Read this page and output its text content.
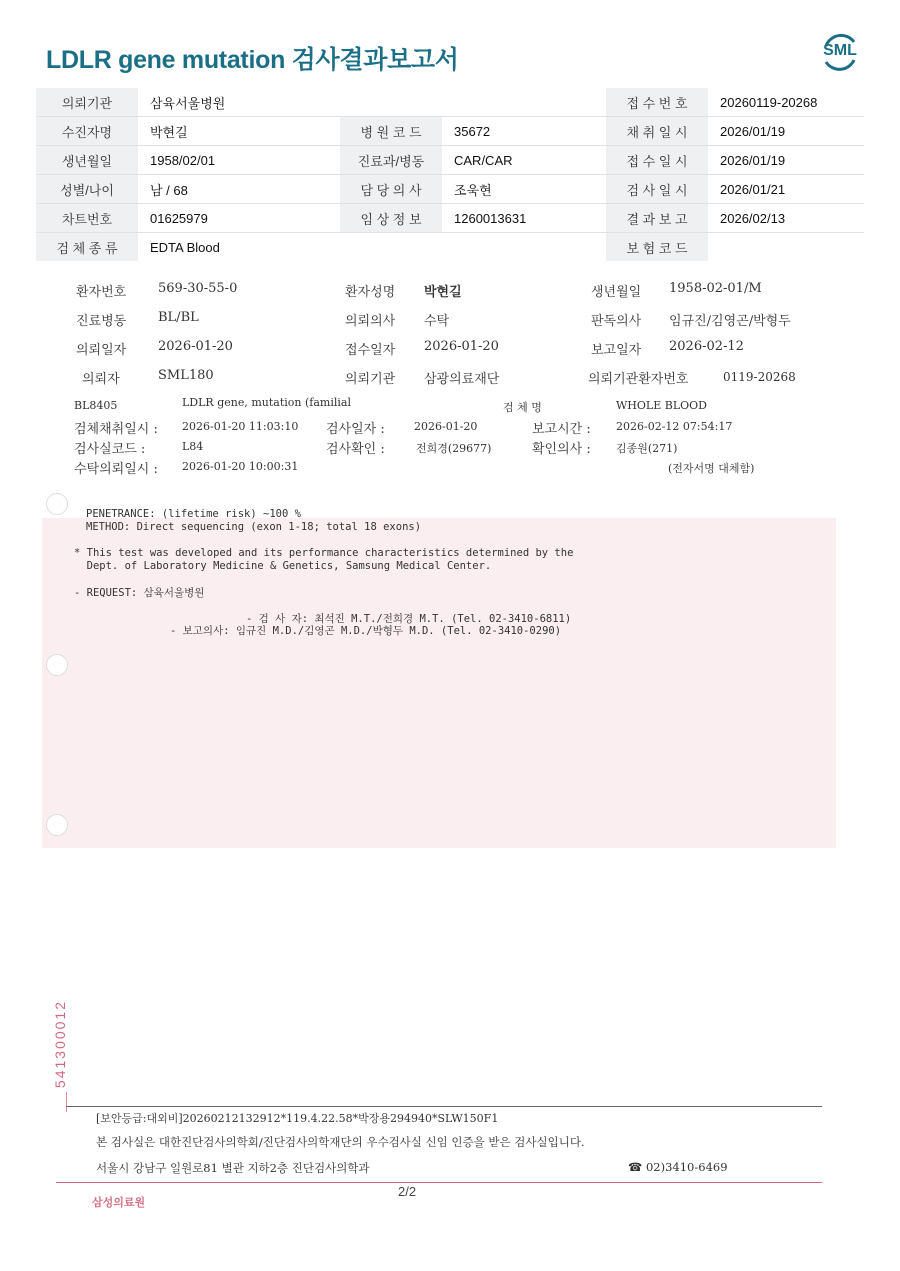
LDLR gene mutation 검사결과보고서	SML
의뢰기관	삼육서울병원			접 수 번 호	20260119-20268
수진자명	박현길	병 원 코 드	35672	채 취 일 시	2026/01/19
생년월일	1958/02/01	진료과/병동	CAR/CAR	접 수 일 시	2026/01/19
성별/나이	남 / 68	담 당 의 사	조욱현	검 사 일 시	2026/01/21
차트번호	01625979	임 상 정 보	1260013631	결 과 보 고	2026/02/13
검 체 종 류	EDTA Blood			보 험 코 드	
환자번호 569-30-55-0	환자성명 박현길	생년월일 1958-02-01/M
진료병동 BL/BL	의뢰의사 수탁	판독의사 임규진/김영곤/박형두
의뢰일자 2026-01-20	접수일자 2026-01-20	보고일자 2026-02-12
의뢰자	SML180	의뢰기관 삼광의료재단	의뢰기관환자번호	0119-20268
BL8405	LDLR gene, mutation (familial	검 체 명	WHOLE BLOOD
검체채취일시 : 2026-01-20 11:03:10 검사일자 :	2026-01-20	보고시간 : 2026-02-12 07:54:17
검사실코드 :	L84	검사확인 :	전희경(29677)	확인의사 : 김종원(271)
수탁의뢰일시 : 2026-01-20 10:00:31	(전자서명 대체함)
PENETRANCE: (lifetime risk) ~100 %
METHOD: Direct sequencing (exon 1-18; total 18 exons)
* This test was developed and its performance characteristics determined by the
Dept. of Laboratory Medicine & Genetics, Samsung Medical Center.
- REQUEST: 삼육서울병원
- 검 사 자: 최석진 M.T./전희경 M.T. (Tel. 02-3410-6811)
- 보고의사: 임규진 M.D./김영곤 M.D./박형두 M.D. (Tel. 02-3410-0290)
541300012
[보안등급:대외비]20260212132912*119.4.22.58*박장용294940*SLW150F1
본 검사실은 대한진단검사의학회/진단검사의학재단의 우수검사실 신임 인증을 받은 검사실입니다.
서울시 강남구 일원로81 별관 지하2층 진단검사의학과	☎ 02)3410-6469
2/2
삼성의료원
